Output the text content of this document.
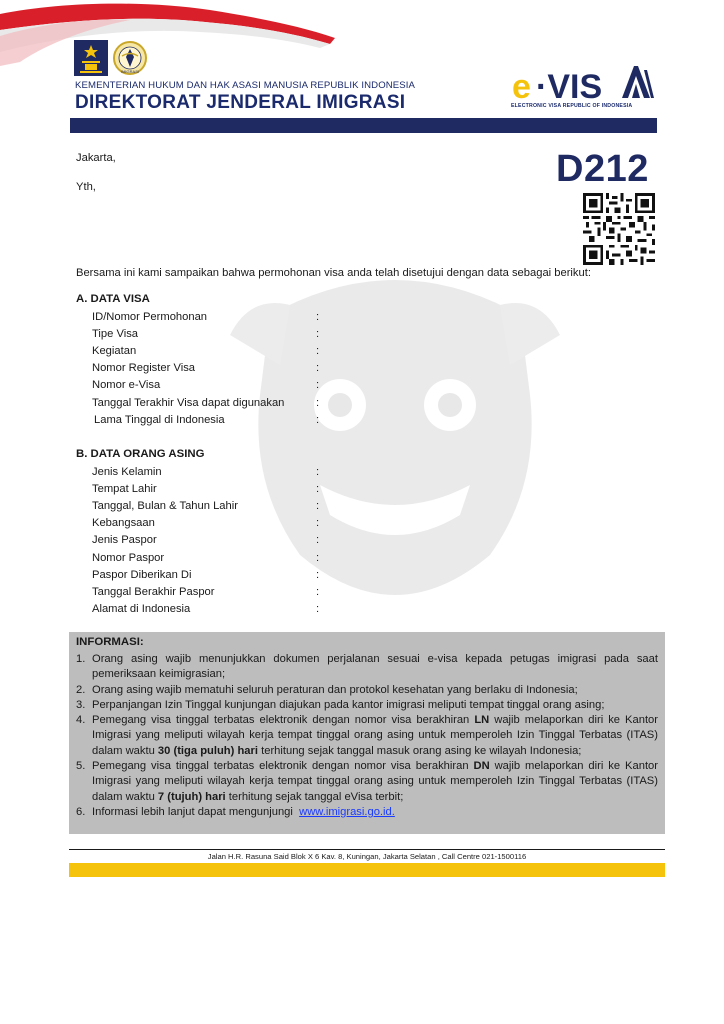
IMIGRASI
KEMENTERIAN HUKUM DAN HAK ASASI MANUSIA REPUBLIK INDONESIA
DIREKTORAT JENDERAL IMIGRASI	e ·VIS
ELECTRONIC VISA REPUBLIC OF INDONESIA
Jakarta,
Yth,	D212
Bersama ini kami sampaikan bahwa permohonan visa anda telah disetujui dengan data sebagai berikut:
A. DATA VISA
ID/Nomor Permohonan
Tipe Visa
Kegiatan
Nomor Register Visa
Nomor e-Visa
Tanggal Terakhir Visa dapat digunakan
Lama Tinggal di Indonesia
:
:
:
:
:
:
:
B. DATA ORANG ASING
Jenis Kelamin
Tempat Lahir
Tanggal, Bulan & Tahun Lahir
Kebangsaan
Jenis Paspor
Nomor Paspor
Paspor Diberikan Di
Tanggal Berakhir Paspor
Alamat di Indonesia
:
:
:
:
:
:
:
:
:
INFORMASI:
1. Orang asing wajib menunjukkan dokumen perjalanan sesuai e-visa kepada petugas imigrasi pada saat pemeriksaan keimigrasian;
2. Orang asing wajib mematuhi seluruh peraturan dan protokol kesehatan yang berlaku di Indonesia;
3. Perpanjangan Izin Tinggal kunjungan diajukan pada kantor imigrasi meliputi tempat tinggal orang asing;
4. Pemegang visa tinggal terbatas elektronik dengan nomor visa berakhiran LN wajib melaporkan diri ke Kantor Imigrasi yang meliputi wilayah kerja tempat tinggal orang asing untuk memperoleh Izin Tinggal Terbatas (ITAS) dalam waktu 30 (tiga puluh) hari terhitung sejak tanggal masuk orang asing ke wilayah Indonesia;
5. Pemegang visa tinggal terbatas elektronik dengan nomor visa berakhiran DN wajib melaporkan diri ke Kantor Imigrasi yang meliputi wilayah kerja tempat tinggal orang asing untuk memperoleh Izin Tinggal Terbatas (ITAS) dalam waktu 7 (tujuh) hari terhitung sejak tanggal eVisa terbit;
6. Informasi lebih lanjut dapat mengunjungi  www.imigrasi.go.id.
Jalan H.R. Rasuna Said Blok X 6 Kav. 8, Kuningan, Jakarta Selatan , Call Centre 021-1500116
